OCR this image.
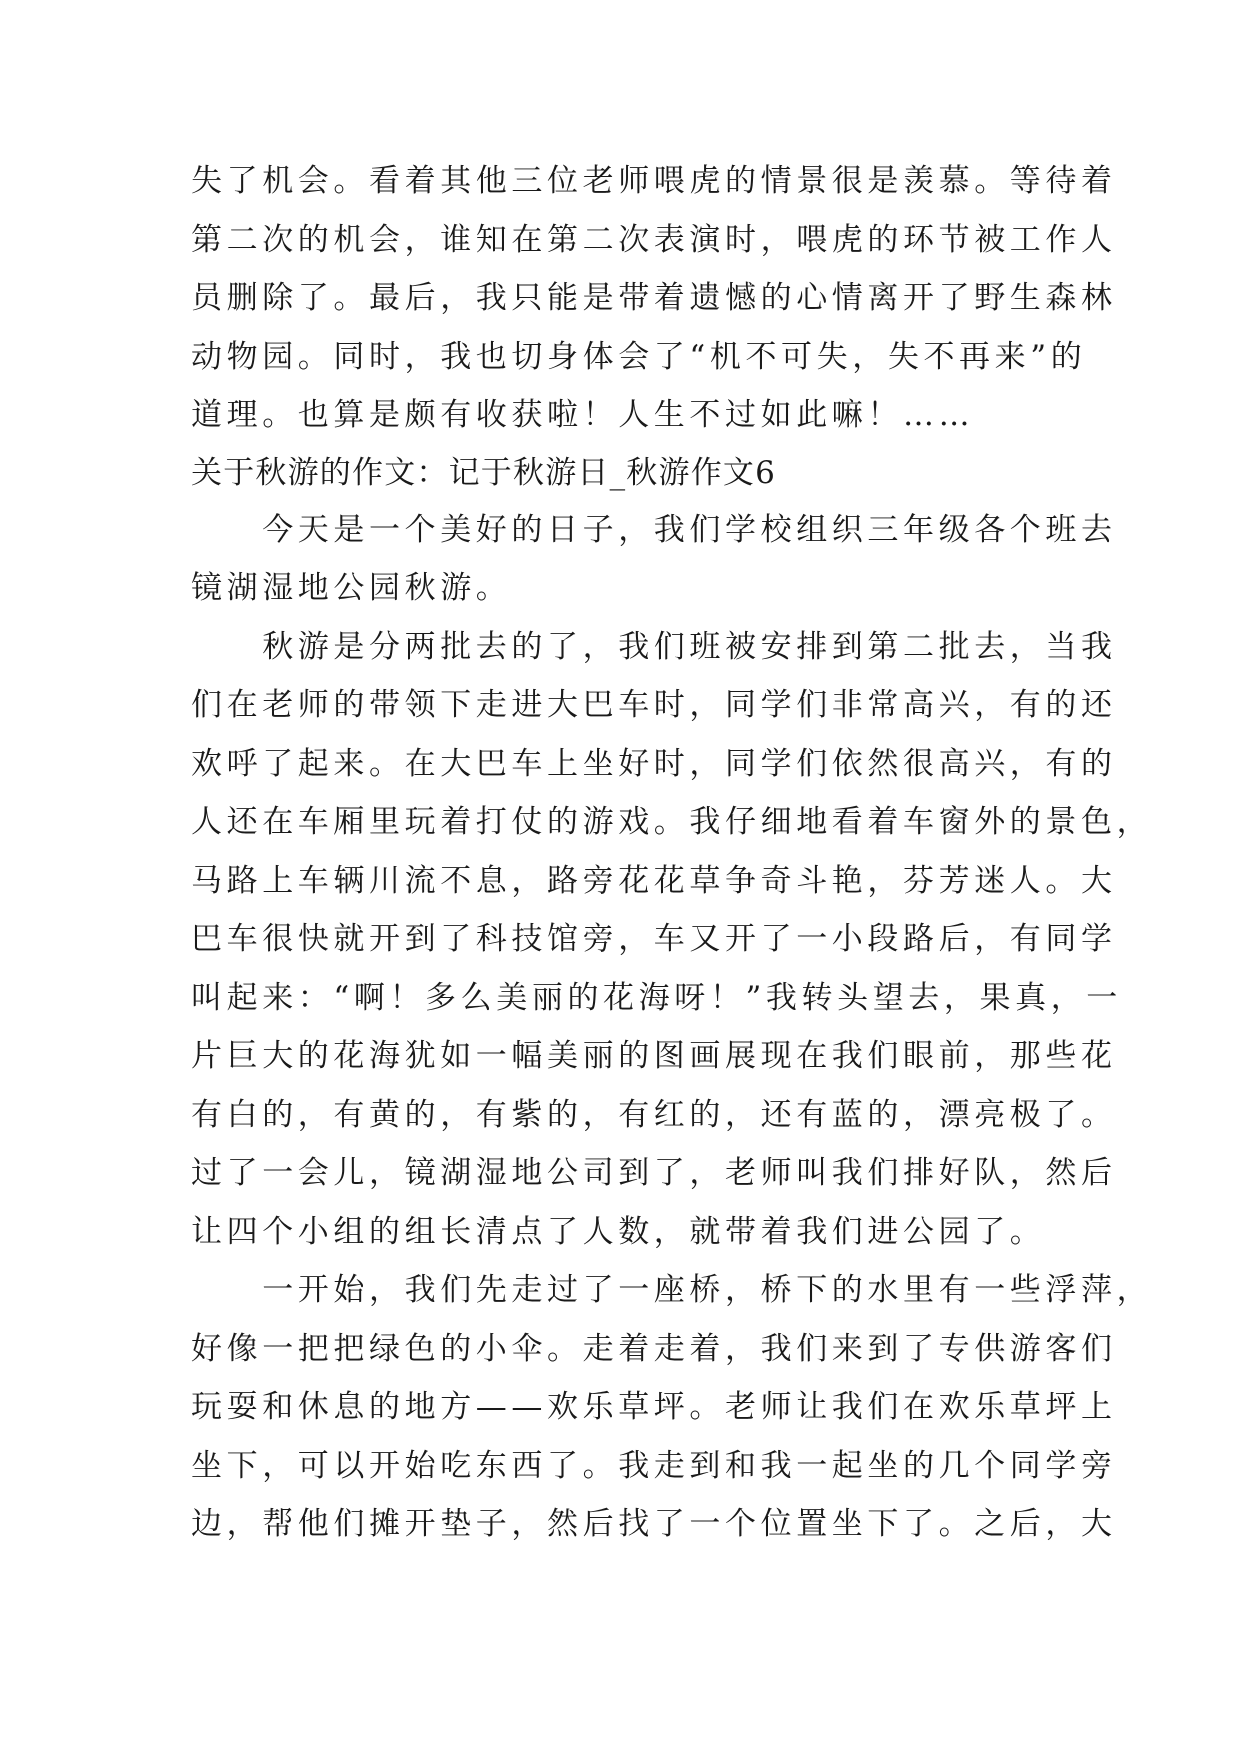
失了机会。看着其他三位老师喂虎的情景很是羡慕。等待着
第二次的机会，谁知在第二次表演时，喂虎的环节被工作人
员删除了。最后，我只能是带着遗憾的心情离开了野生森林
动物园。同时，我也切身体会了“机不可失，失不再来”的
道理。也算是颇有收获啦！人生不过如此嘛！……
关于秋游的作文：记于秋游日_秋游作文6
　　今天是一个美好的日子，我们学校组织三年级各个班去
镜湖湿地公园秋游。
　　秋游是分两批去的了，我们班被安排到第二批去，当我
们在老师的带领下走进大巴车时，同学们非常高兴，有的还
欢呼了起来。在大巴车上坐好时，同学们依然很高兴，有的
人还在车厢里玩着打仗的游戏。我仔细地看着车窗外的景色，
马路上车辆川流不息，路旁花花草争奇斗艳，芬芳迷人。大
巴车很快就开到了科技馆旁，车又开了一小段路后，有同学
叫起来：“啊！多么美丽的花海呀！”我转头望去，果真，一
片巨大的花海犹如一幅美丽的图画展现在我们眼前，那些花
有白的，有黄的，有紫的，有红的，还有蓝的，漂亮极了。
过了一会儿，镜湖湿地公司到了，老师叫我们排好队，然后
让四个小组的组长清点了人数，就带着我们进公园了。
　　一开始，我们先走过了一座桥，桥下的水里有一些浮萍，
好像一把把绿色的小伞。走着走着，我们来到了专供游客们
玩耍和休息的地方——欢乐草坪。老师让我们在欢乐草坪上
坐下，可以开始吃东西了。我走到和我一起坐的几个同学旁
边，帮他们摊开垫子，然后找了一个位置坐下了。之后，大
